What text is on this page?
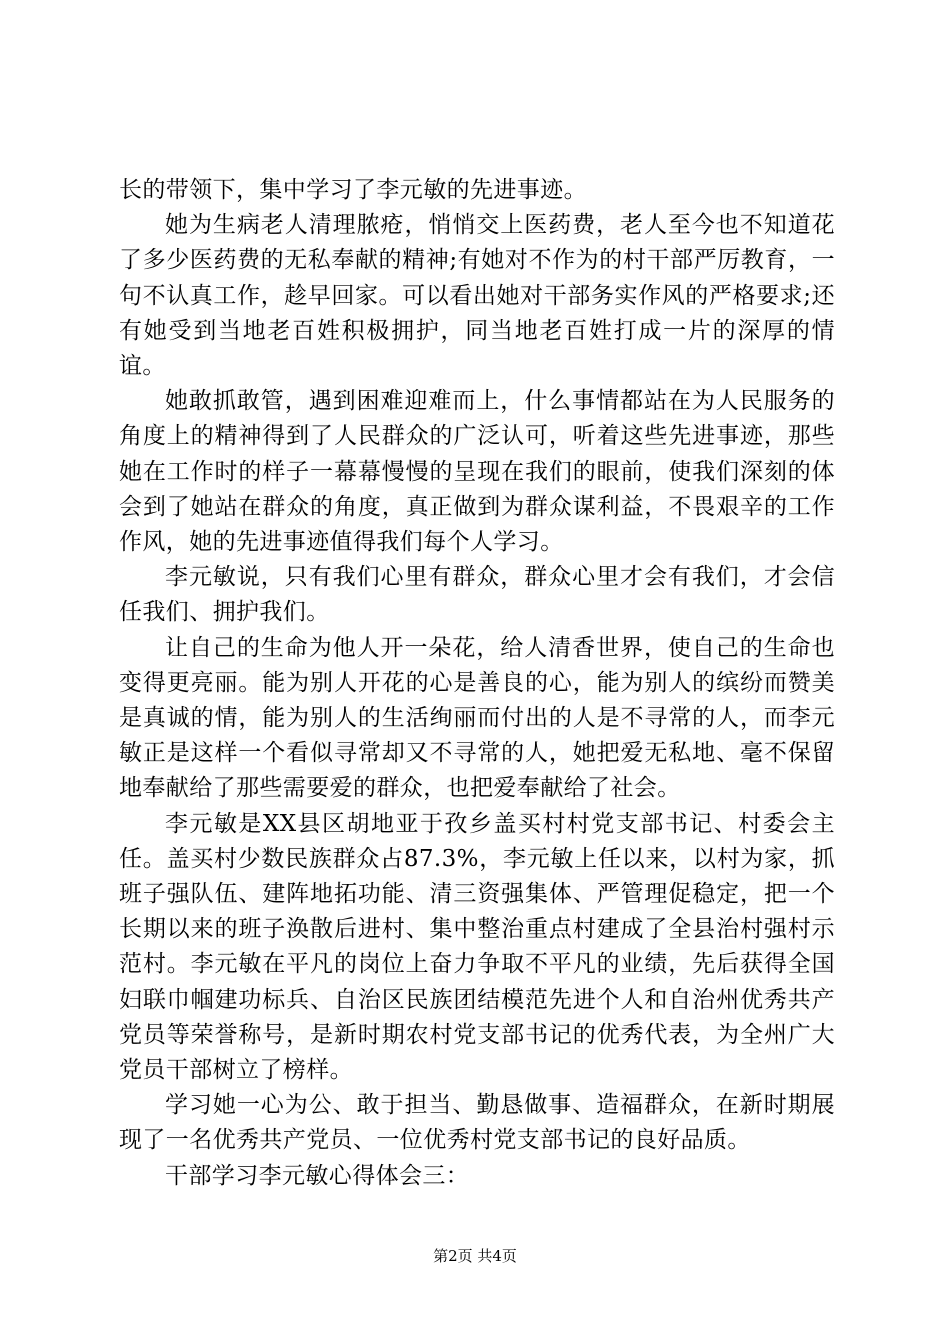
长的带领下，集中学习了李元敏的先进事迹。

她为生病老人清理脓疮，悄悄交上医药费，老人至今也不知道花了多少医药费的无私奉献的精神;有她对不作为的村干部严厉教育，一句不认真工作，趁早回家。可以看出她对干部务实作风的严格要求;还有她受到当地老百姓积极拥护，同当地老百姓打成一片的深厚的情谊。

她敢抓敢管，遇到困难迎难而上，什么事情都站在为人民服务的角度上的精神得到了人民群众的广泛认可，听着这些先进事迹，那些她在工作时的样子一幕幕慢慢的呈现在我们的眼前，使我们深刻的体会到了她站在群众的角度，真正做到为群众谋利益，不畏艰辛的工作作风，她的先进事迹值得我们每个人学习。

李元敏说，只有我们心里有群众，群众心里才会有我们，才会信任我们、拥护我们。

让自己的生命为他人开一朵花，给人清香世界，使自己的生命也变得更亮丽。能为别人开花的心是善良的心，能为别人的缤纷而赞美是真诚的情，能为别人的生活绚丽而付出的人是不寻常的人，而李元敏正是这样一个看似寻常却又不寻常的人，她把爱无私地、毫不保留地奉献给了那些需要爱的群众，也把爱奉献给了社会。

李元敏是XX县区胡地亚于孜乡盖买村村党支部书记、村委会主任。盖买村少数民族群众占87.3%，李元敏上任以来，以村为家，抓班子强队伍、建阵地拓功能、清三资强集体、严管理促稳定，把一个长期以来的班子涣散后进村、集中整治重点村建成了全县治村强村示范村。李元敏在平凡的岗位上奋力争取不平凡的业绩，先后获得全国妇联巾帼建功标兵、自治区民族团结模范先进个人和自治州优秀共产党员等荣誉称号，是新时期农村党支部书记的优秀代表，为全州广大党员干部树立了榜样。

学习她一心为公、敢于担当、勤恳做事、造福群众，在新时期展现了一名优秀共产党员、一位优秀村党支部书记的良好品质。

干部学习李元敏心得体会三：

第2页 共4页
